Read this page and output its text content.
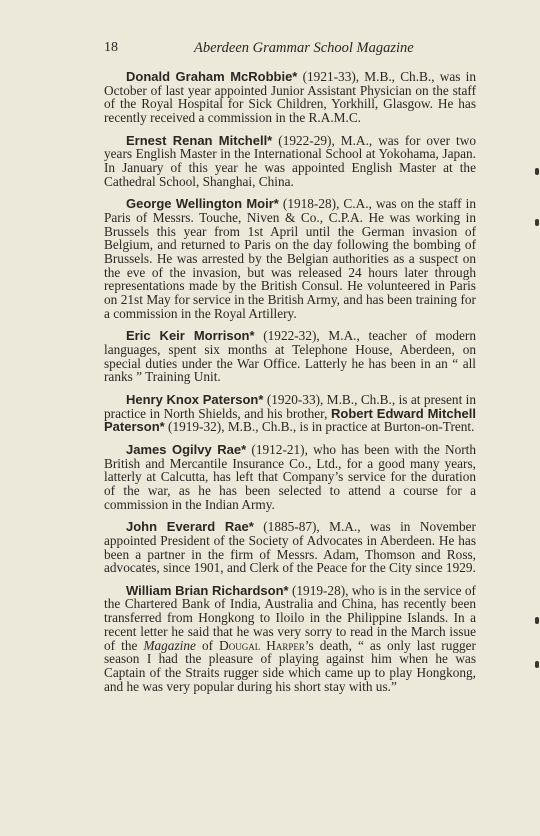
18	Aberdeen Grammar School Magazine

Donald Graham McRobbie* (1921-33), M.B., Ch.B., was in October of last year appointed Junior Assistant Physician on the staff of the Royal Hospital for Sick Children, Yorkhill, Glasgow. He has recently received a commission in the R.A.M.C.

Ernest Renan Mitchell* (1922-29), M.A., was for over two years English Master in the International School at Yokohama, Japan. In January of this year he was appointed English Master at the Cathedral School, Shanghai, China.

George Wellington Moir* (1918-28), C.A., was on the staff in Paris of Messrs. Touche, Niven & Co., C.P.A. He was working in Brussels this year from 1st April until the German invasion of Belgium, and returned to Paris on the day following the bombing of Brussels. He was arrested by the Belgian authorities as a suspect on the eve of the invasion, but was released 24 hours later through representations made by the British Consul. He volunteered in Paris on 21st May for service in the British Army, and has been training for a commission in the Royal Artillery.

Eric Keir Morrison* (1922-32), M.A., teacher of modern languages, spent six months at Telephone House, Aberdeen, on special duties under the War Office. Latterly he has been in an “ all ranks ” Training Unit.

Henry Knox Paterson* (1920-33), M.B., Ch.B., is at present in practice in North Shields, and his brother, Robert Edward Mitchell Paterson* (1919-32), M.B., Ch.B., is in practice at Burton-on-Trent.

James Ogilvy Rae* (1912-21), who has been with the North British and Mercantile Insurance Co., Ltd., for a good many years, latterly at Calcutta, has left that Company’s service for the duration of the war, as he has been selected to attend a course for a commission in the Indian Army.

John Everard Rae* (1885-87), M.A., was in November appointed President of the Society of Advocates in Aberdeen. He has been a partner in the firm of Messrs. Adam, Thomson and Ross, advocates, since 1901, and Clerk of the Peace for the City since 1929.

William Brian Richardson* (1919-28), who is in the service of the Chartered Bank of India, Australia and China, has recently been transferred from Hongkong to Iloilo in the Philippine Islands. In a recent letter he said that he was very sorry to read in the March issue of the Magazine of Dougal Harper’s death, “ as only last rugger season I had the pleasure of playing against him when he was Captain of the Straits rugger side which came up to play Hongkong, and he was very popular during his short stay with us.”
